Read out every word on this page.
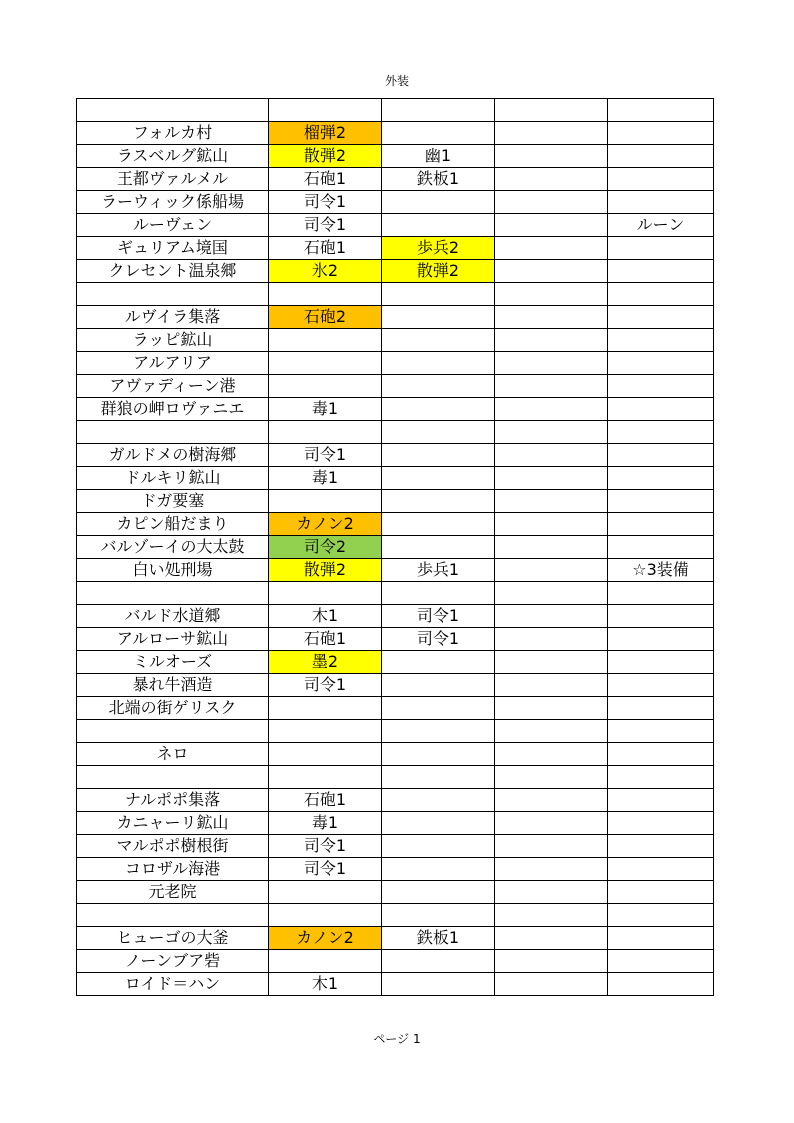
外装

フォルカ村	榴弾2			
ラスベルグ鉱山	散弾2	幽1		
王都ヴァルメル	石砲1	鉄板1		
ラーウィック係船場	司令1			
ルーヴェン	司令1			ルーン
ギュリアム境国	石砲1	歩兵2		
クレセント温泉郷	氷2	散弾2		

ルヴイラ集落	石砲2			
ラッピ鉱山				
アルアリア				
アヴァディーン港				
群狼の岬ロヴァニエ	毒1			

ガルドメの樹海郷	司令1			
ドルキリ鉱山	毒1			
ドガ要塞				
カピン船だまり	カノン2			
バルゾーイの大太鼓	司令2			
白い処刑場	散弾2	歩兵1		☆3装備

バルド水道郷	木1	司令1		
アルローサ鉱山	石砲1	司令1		
ミルオーズ	墨2			
暴れ牛酒造	司令1			
北端の街ゲリスク				

ネロ				

ナルポポ集落	石砲1			
カニャーリ鉱山	毒1			
マルポポ樹根街	司令1			
コロザル海港	司令1			
元老院				

ヒューゴの大釜	カノン2	鉄板1		
ノーンブア砦				
ロイド＝ハン	木1			
ページ 1
